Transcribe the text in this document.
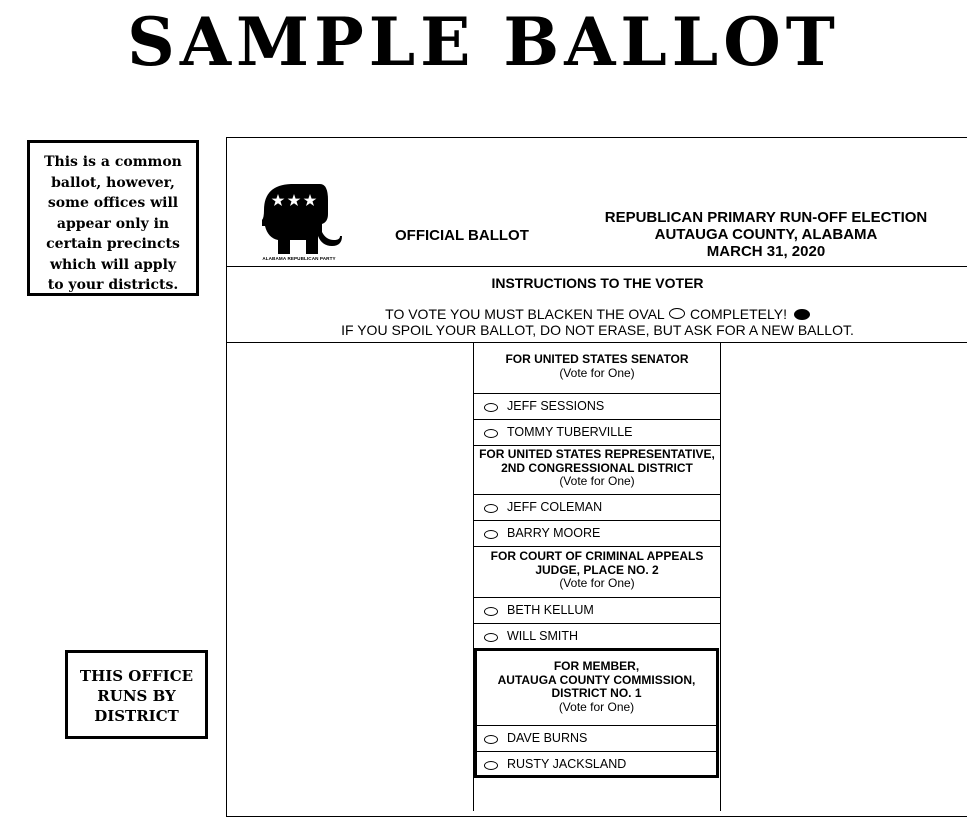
SAMPLE BALLOT
This is a common
ballot, however,
some offices will
appear only in
certain precincts
which will apply
to your districts.
THIS OFFICE
RUNS BY
DISTRICT
ALABAMA REPUBLICAN PARTY
OFFICIAL BALLOT
REPUBLICAN PRIMARY RUN-OFF ELECTION
AUTAUGA COUNTY, ALABAMA
MARCH 31, 2020
INSTRUCTIONS TO THE VOTER
TO VOTE YOU MUST BLACKEN THE OVAL COMPLETELY!
IF YOU SPOIL YOUR BALLOT, DO NOT ERASE, BUT ASK FOR A NEW BALLOT.
FOR UNITED STATES SENATOR
(Vote for One)
JEFF SESSIONS
TOMMY TUBERVILLE
FOR UNITED STATES REPRESENTATIVE,
2ND CONGRESSIONAL DISTRICT
(Vote for One)
JEFF COLEMAN
BARRY MOORE
FOR COURT OF CRIMINAL APPEALS
JUDGE, PLACE NO. 2
(Vote for One)
BETH KELLUM
WILL SMITH
FOR MEMBER,
AUTAUGA COUNTY COMMISSION,
DISTRICT NO. 1
(Vote for One)
DAVE BURNS
RUSTY JACKSLAND
